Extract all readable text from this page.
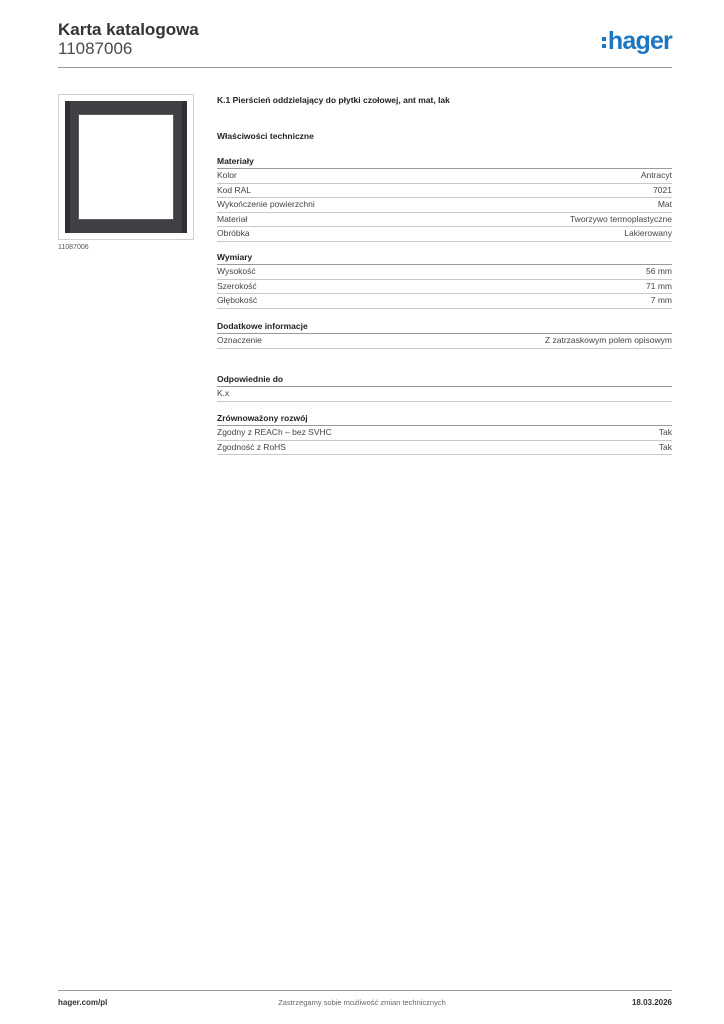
Karta katalogowa
11087006	hager
11087006
K.1 Pierścień oddzielający do płytki czołowej, ant mat, lak
Właściwości techniczne
Materiały
Kolor	Antracyt
Kod RAL	7021
Wykończenie powierzchni	Mat
Materiał	Tworzywo termoplastyczne
Obróbka	Lakierowany
Wymiary
Wysokość	56 mm
Szerokość	71 mm
Głębokość	7 mm
Dodatkowe informacje
Oznaczenie	Z zatrzaskowym polem opisowym
Odpowiednie do
K.x
Zrównoważony rozwój
Zgodny z REACh – bez SVHC	Tak
Zgodność z RoHS	Tak
hager.com/pl	Zastrzegamy sobie możliwość zmian technicznych	18.03.2026
